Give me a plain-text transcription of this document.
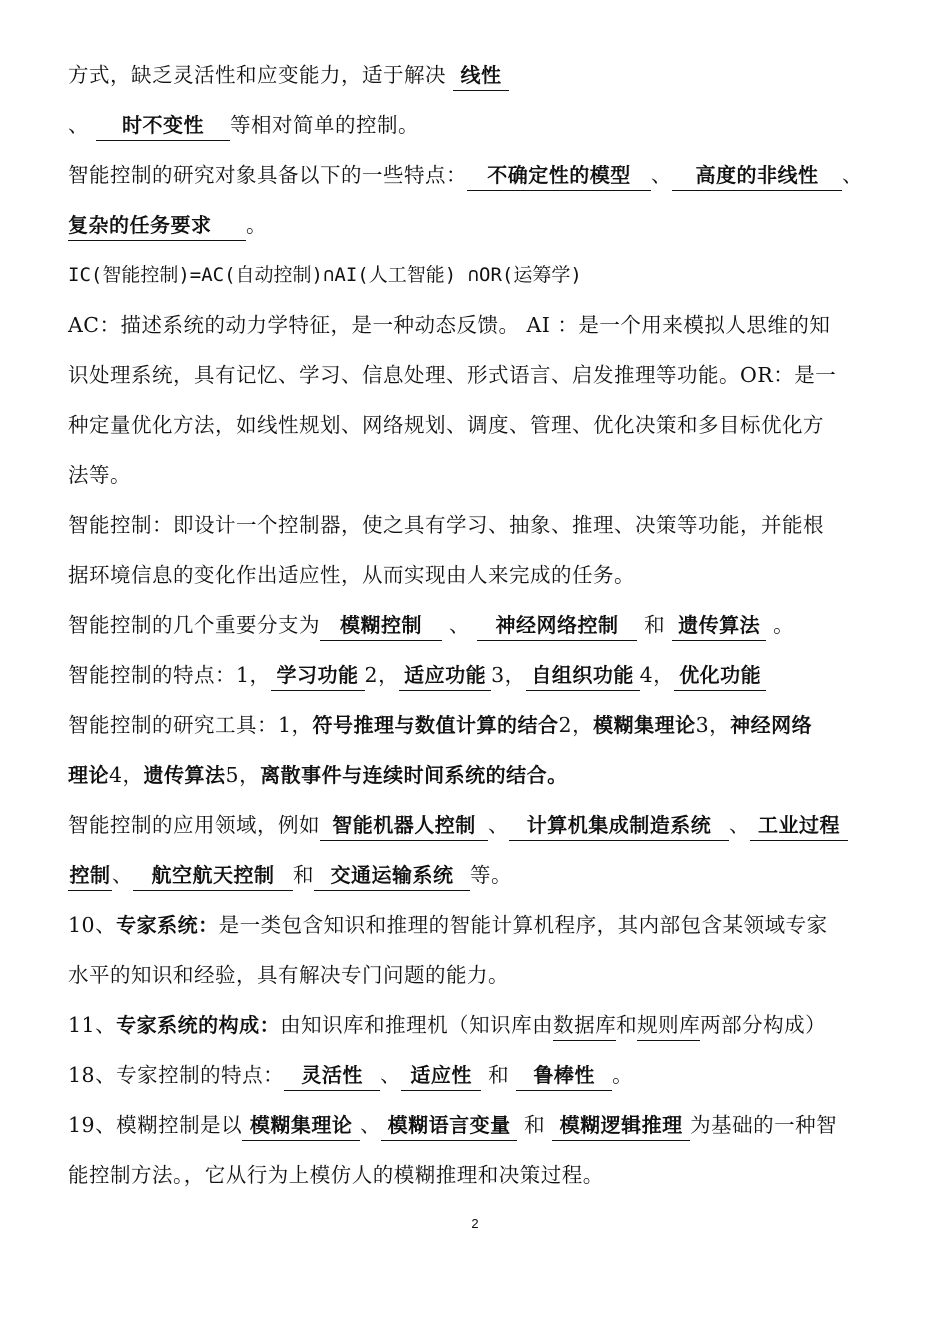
方式，缺乏灵活性和应变能力，适于解决 线性
、 时不变性 等相对简单的控制。
智能控制的研究对象具备以下的一些特点： 不确定性的模型 、 高度的非线性 、
复杂的任务要求 。
IC(智能控制)=AC(自动控制)∩AI(人工智能) ∩OR(运筹学)
AC：描述系统的动力学特征，是一种动态反馈。 AI ：是一个用来模拟人思维的知
识处理系统，具有记忆、学习、信息处理、形式语言、启发推理等功能。OR：是一
种定量优化方法，如线性规划、网络规划、调度、管理、优化决策和多目标优化方
法等。
智能控制：即设计一个控制器，使之具有学习、抽象、推理、决策等功能，并能根
据环境信息的变化作出适应性，从而实现由人来完成的任务。
智能控制的几个重要分支为 模糊控制 、 神经网络控制 和 遗传算法 。
智能控制的特点：1， 学习功能 2， 适应功能 3， 自组织功能 4， 优化功能
智能控制的研究工具：1，符号推理与数值计算的结合2，模糊集理论3，神经网络
理论4，遗传算法5，离散事件与连续时间系统的结合。
智能控制的应用领域，例如 智能机器人控制 、 计算机集成制造系统 、 工业过程
控制、 航空航天控制 和 交通运输系统 等。
10、专家系统：是一类包含知识和推理的智能计算机程序，其内部包含某领域专家
水平的知识和经验，具有解决专门问题的能力。
11、专家系统的构成：由知识库和推理机（知识库由数据库和规则库两部分构成）
18、专家控制的特点： 灵活性 、 适应性 和 鲁棒性 。
19、模糊控制是以 模糊集理论 、 模糊语言变量 和 模糊逻辑推理 为基础的一种智
能控制方法。，它从行为上模仿人的模糊推理和决策过程。
2
